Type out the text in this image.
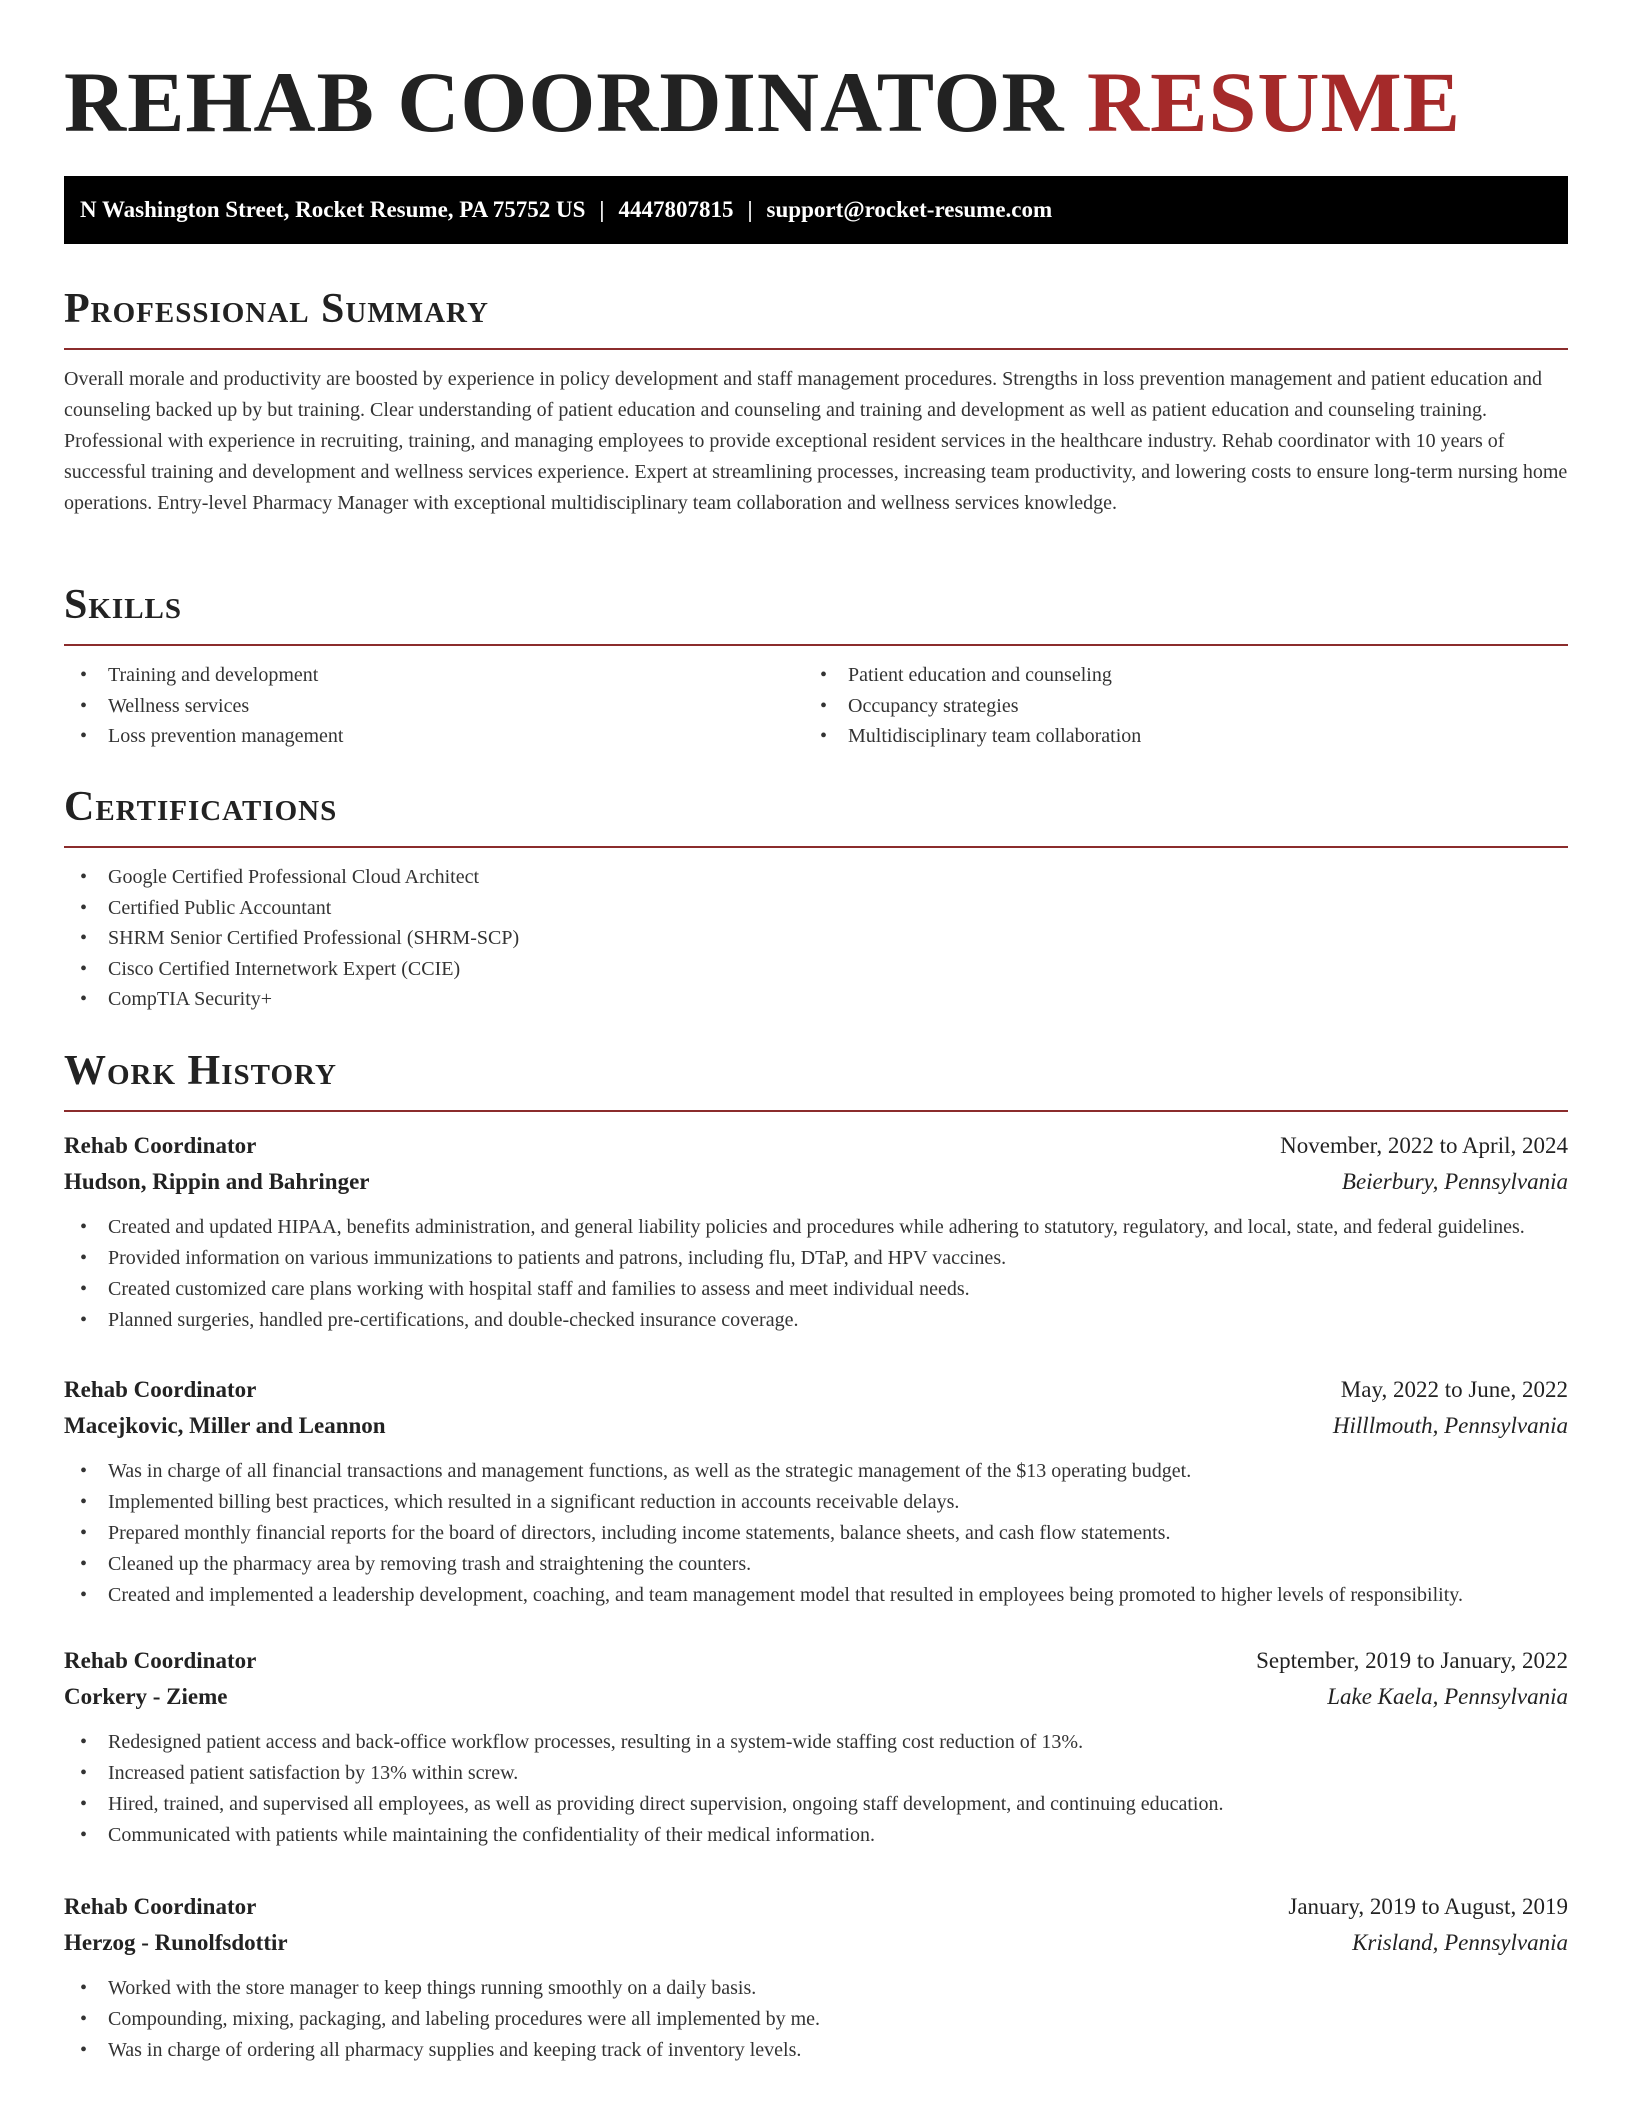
REHAB COORDINATOR RESUME
N Washington Street, Rocket Resume, PA 75752 US | 4447807815 | support@rocket-resume.com
Professional Summary

Overall morale and productivity are boosted by experience in policy development and staff management procedures. Strengths in loss prevention management and patient education and counseling backed up by but training. Clear understanding of patient education and counseling and training and development as well as patient education and counseling training. Professional with experience in recruiting, training, and managing employees to provide exceptional resident services in the healthcare industry. Rehab coordinator with 10 years of successful training and development and wellness services experience. Expert at streamlining processes, increasing team productivity, and lowering costs to ensure long-term nursing home operations. Entry-level Pharmacy Manager with exceptional multidisciplinary team collaboration and wellness services knowledge.

Skills
• Training and development
• Wellness services
• Loss prevention management
• Patient education and counseling
• Occupancy strategies
• Multidisciplinary team collaboration
Certifications
• Google Certified Professional Cloud Architect
• Certified Public Accountant
• SHRM Senior Certified Professional (SHRM-SCP)
• Cisco Certified Internetwork Expert (CCIE)
• CompTIA Security+
Work History
Rehab Coordinator	November, 2022 to April, 2024
Hudson, Rippin and Bahringer	Beierbury, Pennsylvania
• Created and updated HIPAA, benefits administration, and general liability policies and procedures while adhering to statutory, regulatory, and local, state, and federal guidelines.
• Provided information on various immunizations to patients and patrons, including flu, DTaP, and HPV vaccines.
• Created customized care plans working with hospital staff and families to assess and meet individual needs.
• Planned surgeries, handled pre-certifications, and double-checked insurance coverage.
Rehab Coordinator	May, 2022 to June, 2022
Macejkovic, Miller and Leannon	Hilllmouth, Pennsylvania
• Was in charge of all financial transactions and management functions, as well as the strategic management of the $13 operating budget.
• Implemented billing best practices, which resulted in a significant reduction in accounts receivable delays.
• Prepared monthly financial reports for the board of directors, including income statements, balance sheets, and cash flow statements.
• Cleaned up the pharmacy area by removing trash and straightening the counters.
• Created and implemented a leadership development, coaching, and team management model that resulted in employees being promoted to higher levels of responsibility.
Rehab Coordinator	September, 2019 to January, 2022
Corkery - Zieme	Lake Kaela, Pennsylvania
• Redesigned patient access and back-office workflow processes, resulting in a system-wide staffing cost reduction of 13%.
• Increased patient satisfaction by 13% within screw.
• Hired, trained, and supervised all employees, as well as providing direct supervision, ongoing staff development, and continuing education.
• Communicated with patients while maintaining the confidentiality of their medical information.
Rehab Coordinator	January, 2019 to August, 2019
Herzog - Runolfsdottir	Krisland, Pennsylvania
• Worked with the store manager to keep things running smoothly on a daily basis.
• Compounding, mixing, packaging, and labeling procedures were all implemented by me.
• Was in charge of ordering all pharmacy supplies and keeping track of inventory levels.
